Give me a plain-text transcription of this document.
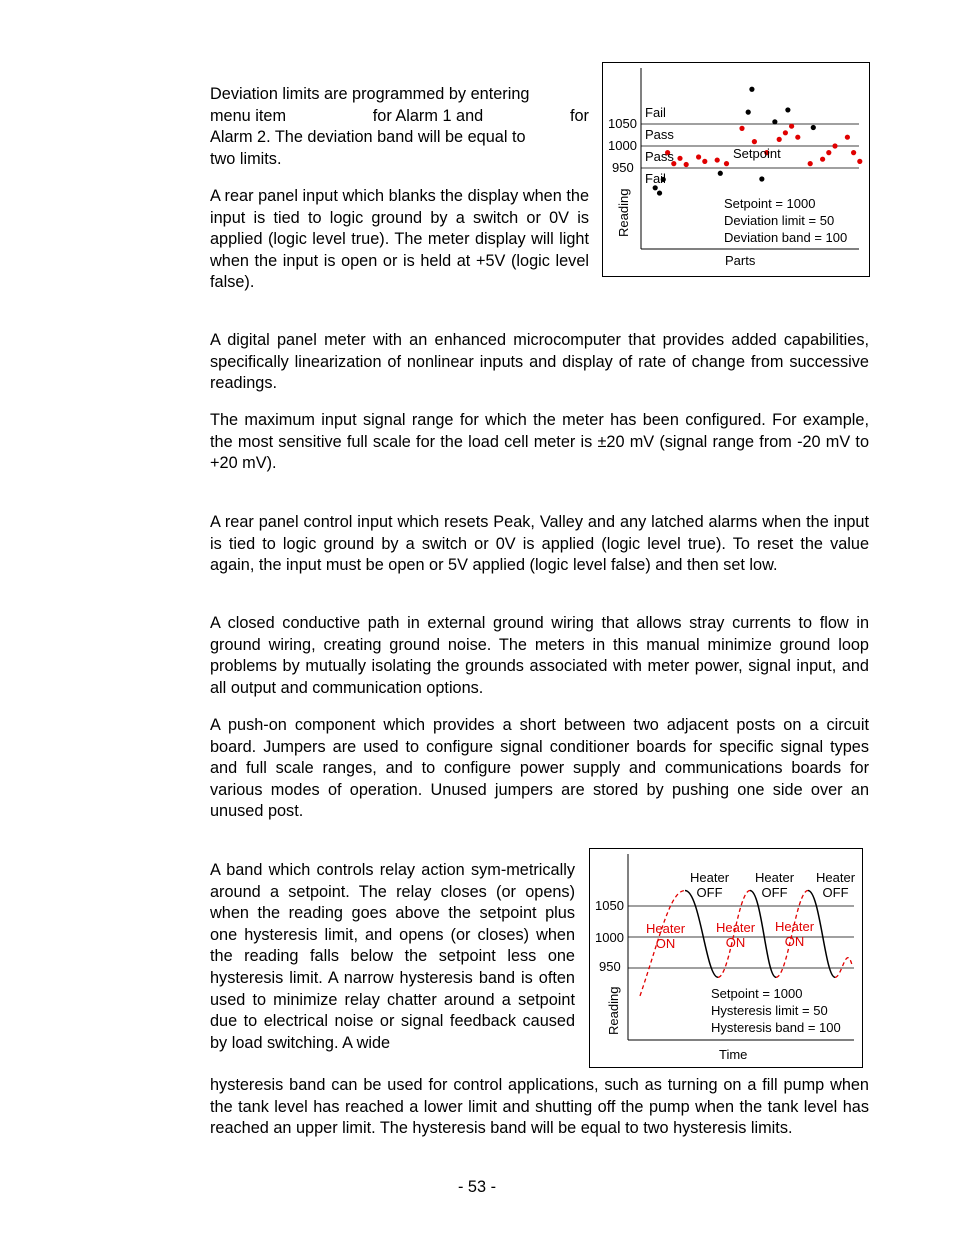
Deviation limits are programmed by entering
menu item	for Alarm 1 and	for
Alarm 2. The deviation band will be equal to
two limits.

A rear panel input which blanks the display when the input is tied to logic ground by a switch or 0V is applied (logic level true). The meter display will light when the input is open or is held at +5V (logic level false).

1050
1000
950
Fail
Pass
Pass
Fail
Setpoint
Setpoint = 1000
Deviation limit = 50
Deviation band = 100
Parts
Reading

A digital panel meter with an enhanced microcomputer that provides added capabilities, specifically linearization of nonlinear inputs and display of rate of change from successive readings.

The maximum input signal range for which the meter has been configured. For example, the most sensitive full scale for the load cell meter is ±20 mV (signal range from -20 mV to +20 mV).

A rear panel control input which resets Peak, Valley and any latched alarms when the input is tied to logic ground by a switch or 0V is applied (logic level true). To reset the value again, the input must be open or 5V applied (logic level false) and then set low.

A closed conductive path in external ground wiring that allows stray currents to flow in ground wiring, creating ground noise. The meters in this manual minimize ground loop problems by mutually isolating the grounds associated with meter power, signal input, and all output and communication options.

A push-on component which provides a short between two adjacent posts on a circuit board. Jumpers are used to configure signal conditioner boards for specific signal types and full scale ranges, and to configure power supply and communications boards for various modes of operation. Unused jumpers are stored by pushing one side over an unused post.

A band which controls relay action sym-metrically around a setpoint. The relay closes (or opens) when the reading goes above the setpoint plus one hysteresis limit, and opens (or closes) when the reading falls below the setpoint less one hysteresis limit. A narrow hysteresis band is often used to minimize relay chatter around a setpoint due to electrical noise or signal feedback caused by load switching. A wide

hysteresis band can be used for control applications, such as turning on a fill pump when the tank level has reached a lower limit and shutting off the pump when the tank level has reached an upper limit. The hysteresis band will be equal to two hysteresis limits.

1050
1000
950
Heater
OFF
Heater
OFF
Heater
OFF
Heater
ON
Heater
ON
Heater
ON
Setpoint = 1000
Hysteresis limit = 50
Hysteresis band = 100
Time
Reading
- 53 -
